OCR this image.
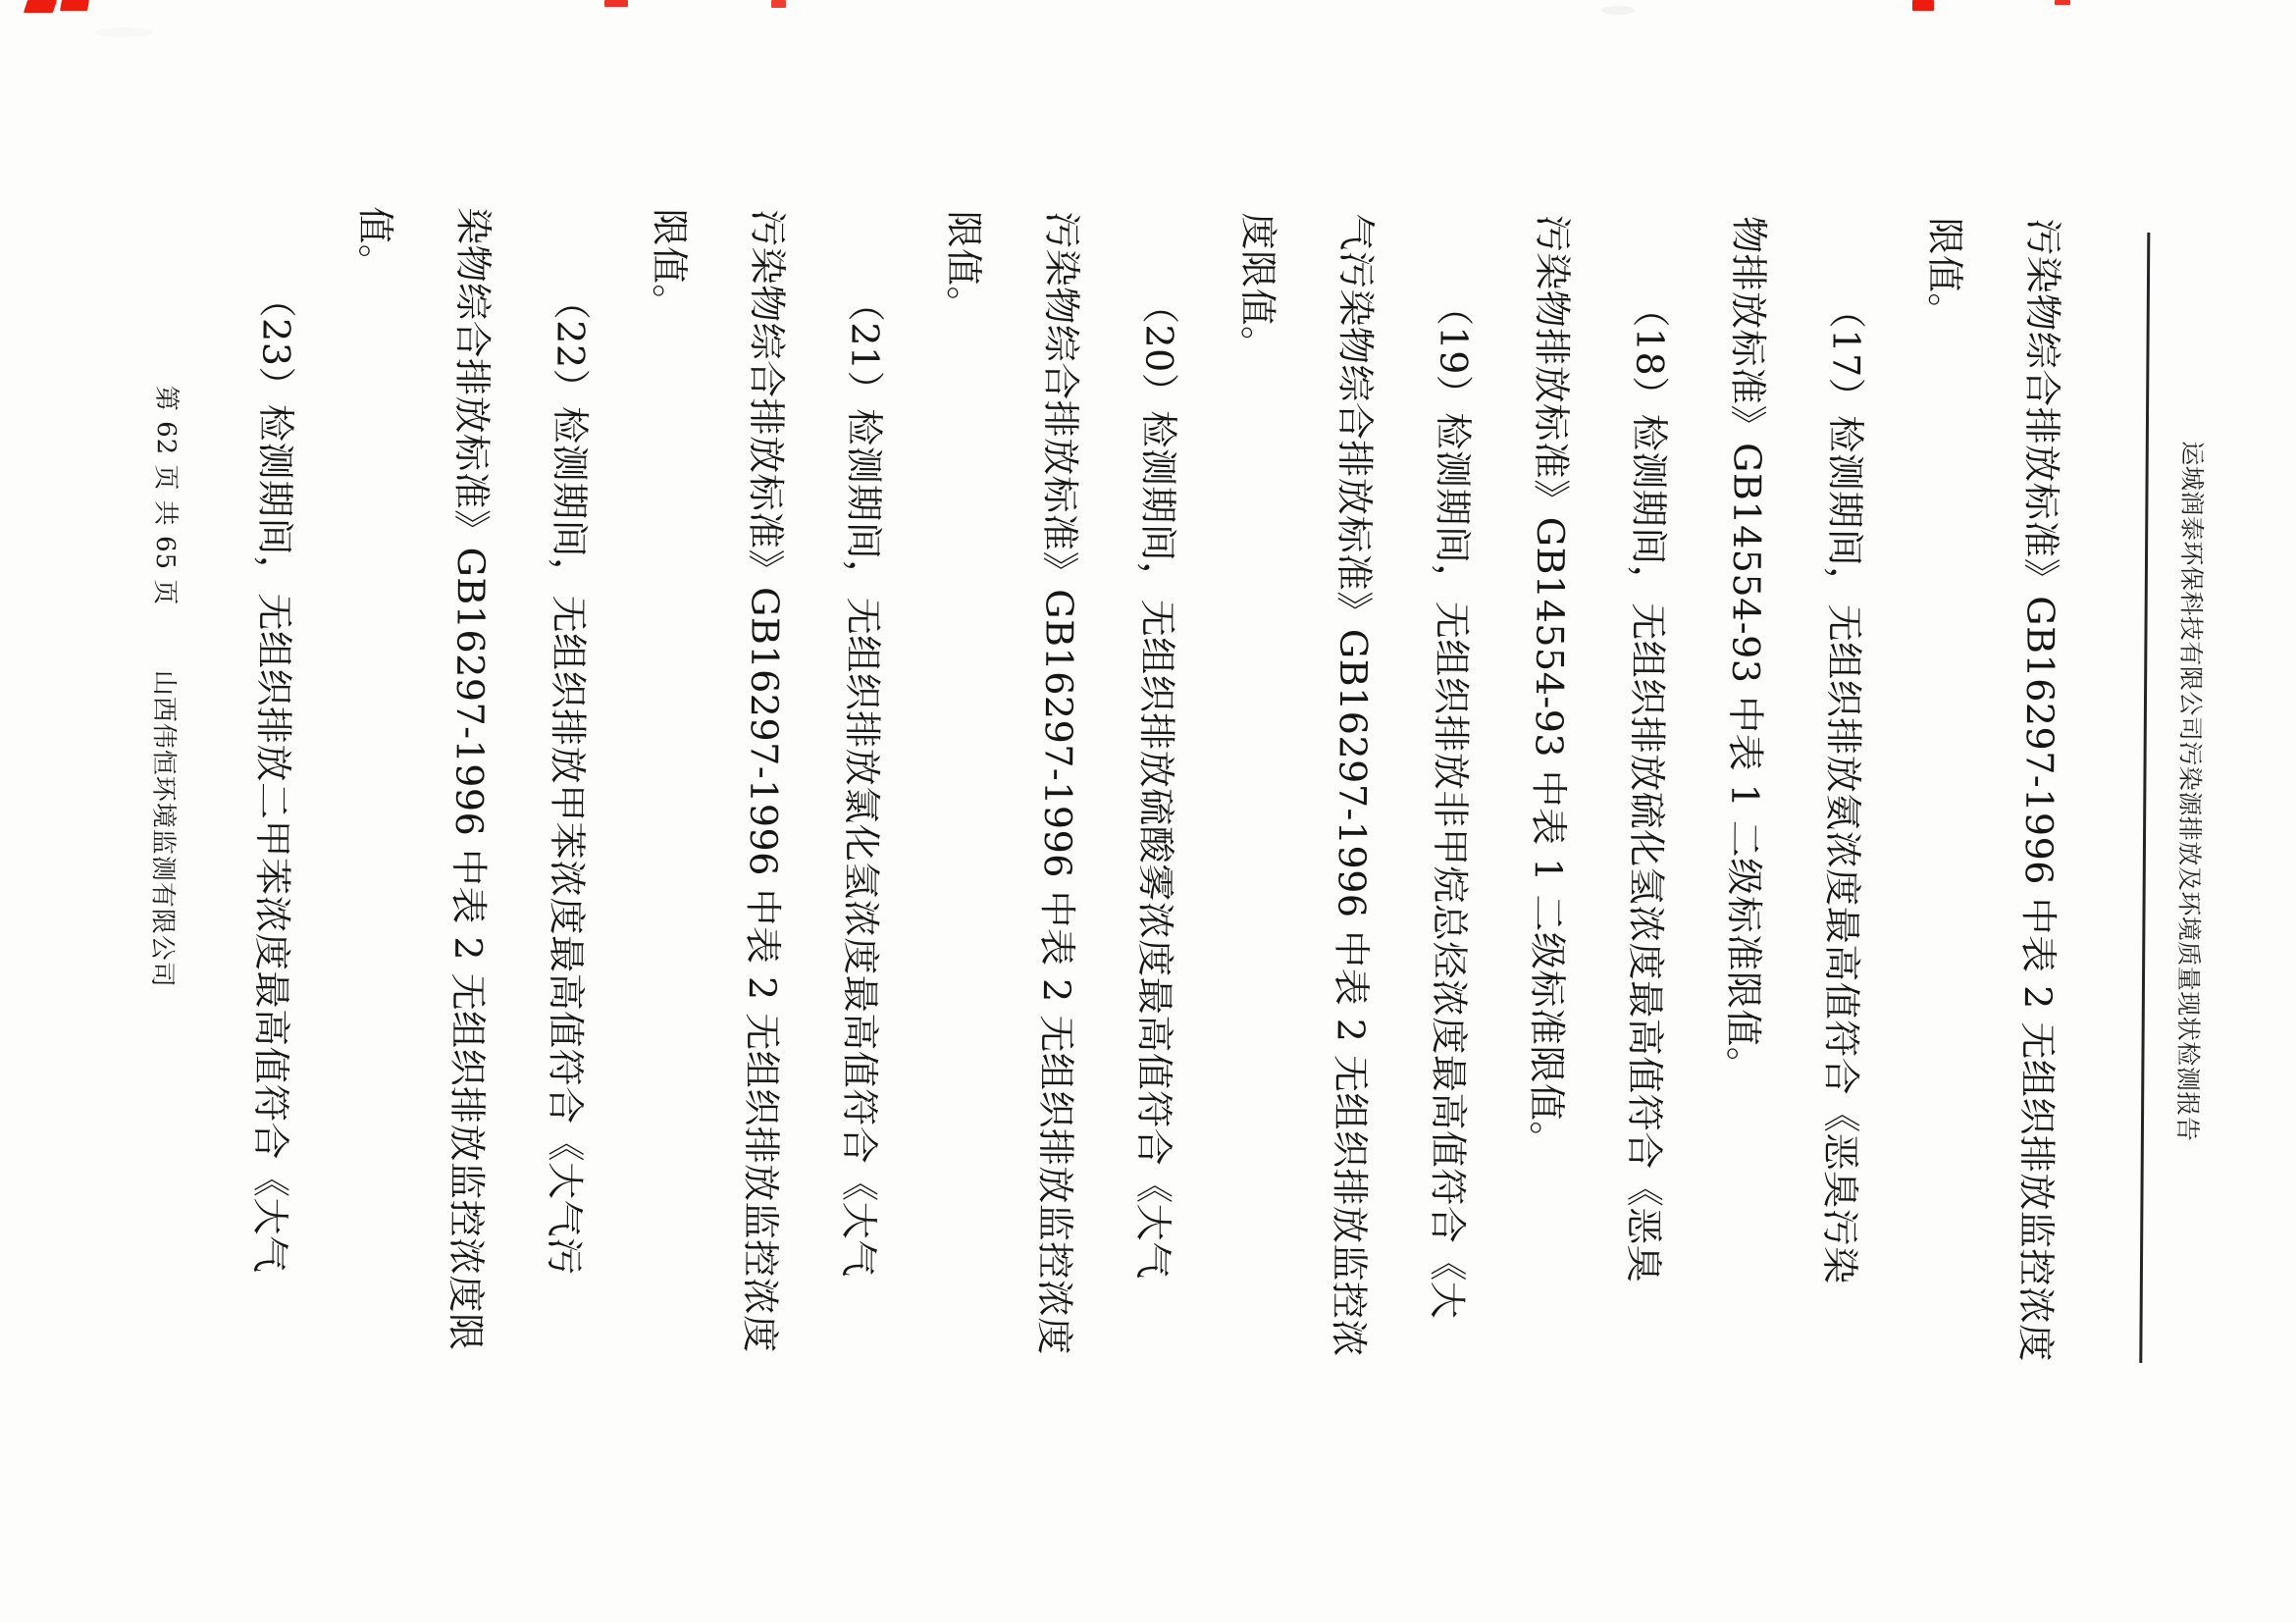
运城润泰环保科技有限公司污染源排放及环境质量现状检测报告
污染物综合排放标准》GB16297-1996 中表 2 无组织排放监控浓度
限值。
（17）检测期间，无组织排放氨浓度最高值符合《恶臭污染
物排放标准》GB14554-93 中表 1 二级标准限值。
（18）检测期间，无组织排放硫化氢浓度最高值符合《恶臭
污染物排放标准》GB14554-93 中表 1 二级标准限值。
（19）检测期间，无组织排放非甲烷总烃浓度最高值符合《大
气污染物综合排放标准》GB16297-1996 中表 2 无组织排放监控浓
度限值。
（20）检测期间，无组织排放硫酸雾浓度最高值符合《大气
污染物综合排放标准》GB16297-1996 中表 2 无组织排放监控浓度
限值。
（21）检测期间，无组织排放氯化氢浓度最高值符合《大气
污染物综合排放标准》GB16297-1996 中表 2 无组织排放监控浓度
限值。
（22）检测期间，无组织排放甲苯浓度最高值符合《大气污
染物综合排放标准》GB16297-1996 中表 2 无组织排放监控浓度限
值。
（23）检测期间，无组织排放二甲苯浓度最高值符合《大气
第 62 页 共 65 页
山西伟恒环境监测有限公司
